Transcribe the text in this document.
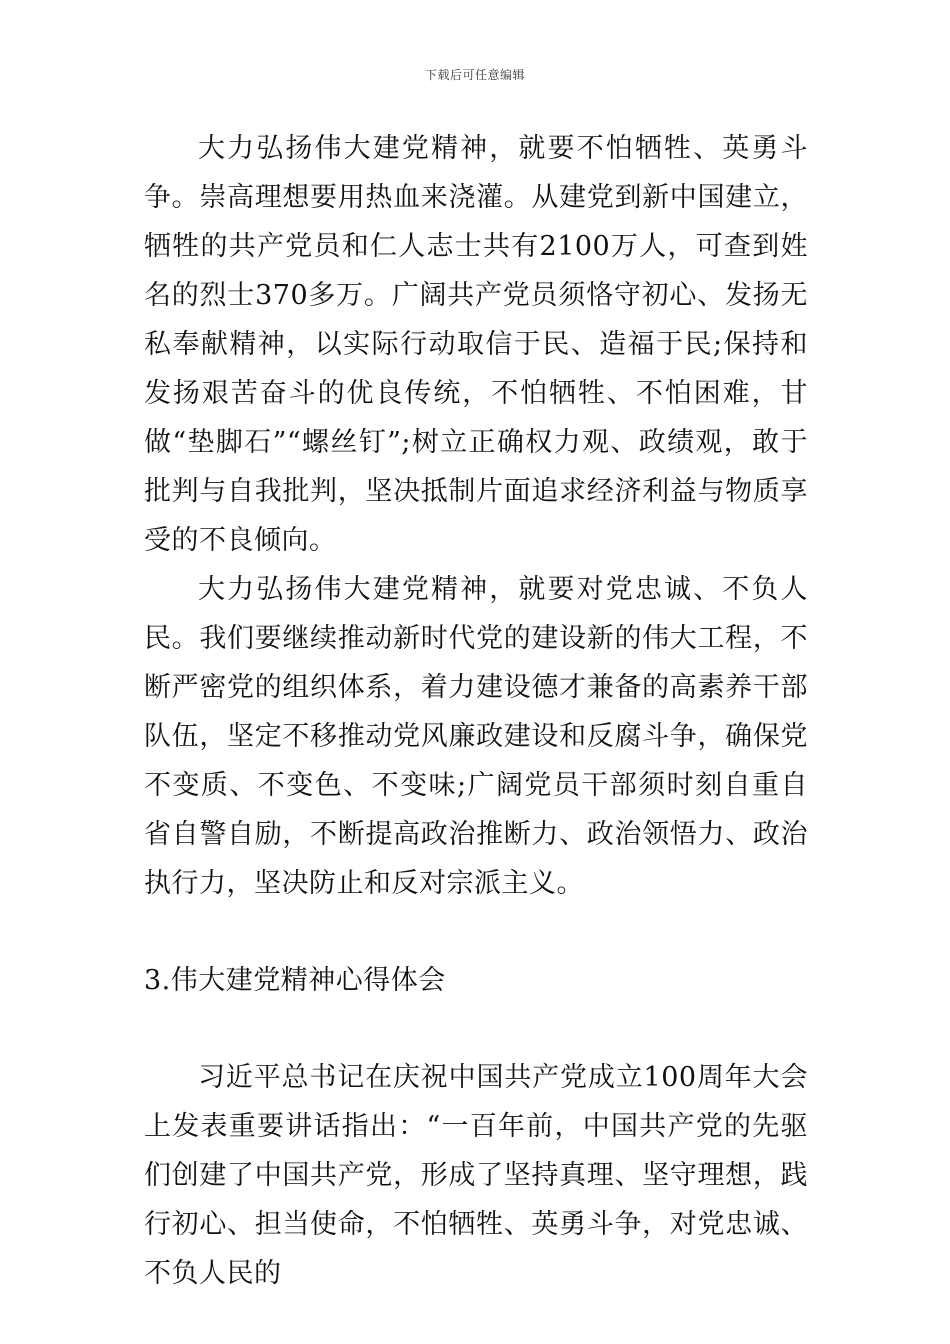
下载后可任意编辑

大力弘扬伟大建党精神，就要不怕牺牲、英勇斗争。崇高理想要用热血来浇灌。从建党到新中国建立，牺牲的共产党员和仁人志士共有2100万人，可查到姓名的烈士370多万。广阔共产党员须恪守初心、发扬无私奉献精神，以实际行动取信于民、造福于民;保持和发扬艰苦奋斗的优良传统，不怕牺牲、不怕困难，甘做“垫脚石”“螺丝钉”;树立正确权力观、政绩观，敢于批判与自我批判，坚决抵制片面追求经济利益与物质享受的不良倾向。

大力弘扬伟大建党精神，就要对党忠诚、不负人民。我们要继续推动新时代党的建设新的伟大工程，不断严密党的组织体系，着力建设德才兼备的高素养干部队伍，坚定不移推动党风廉政建设和反腐斗争，确保党不变质、不变色、不变味;广阔党员干部须时刻自重自省自警自励，不断提高政治推断力、政治领悟力、政治执行力，坚决防止和反对宗派主义。

3.伟大建党精神心得体会

习近平总书记在庆祝中国共产党成立100周年大会上发表重要讲话指出：“一百年前，中国共产党的先驱们创建了中国共产党，形成了坚持真理、坚守理想，践行初心、担当使命，不怕牺牲、英勇斗争，对党忠诚、不负人民的
